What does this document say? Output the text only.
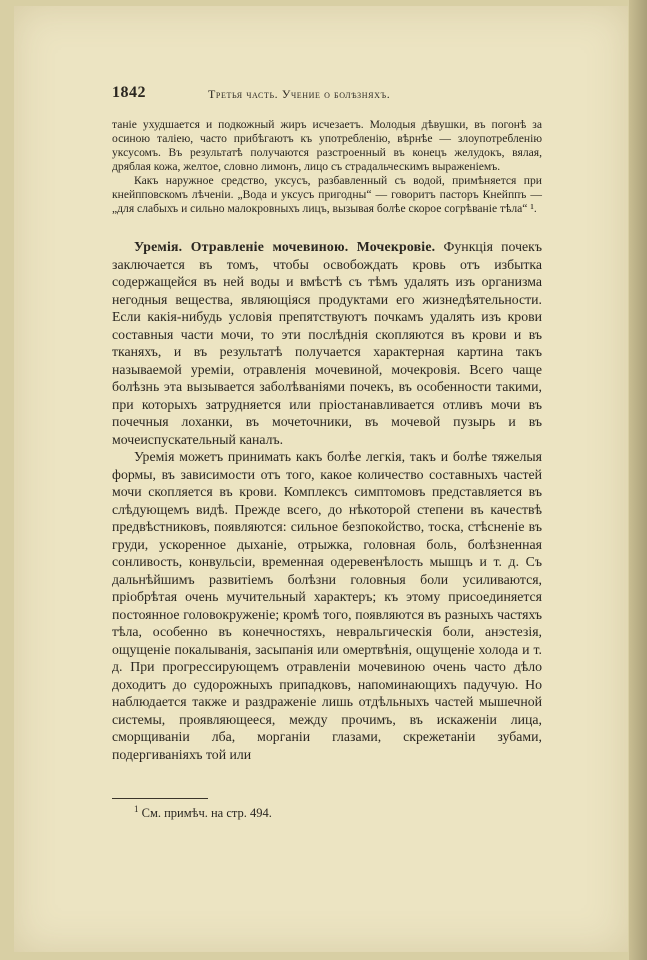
1842	Третья часть. Учение о болѣзняхъ.

таніе ухудшается и подкожный жиръ исчезаетъ. Молодыя дѣвушки, въ погонѣ за осиною таліею, часто прибѣгаютъ къ употребленію, вѣрнѣе — злоупотребленію уксусомъ. Въ результатѣ получаются разстроенный въ конецъ желудокъ, вялая, дряблая кожа, желтое, словно лимонъ, лицо съ страдальческимъ выраженіемъ.

Какъ наружное средство, уксусъ, разбавленный съ водой, примѣняется при кнейпповскомъ лѣченіи. „Вода и уксусъ пригодны“ — говоритъ пасторъ Кнейппъ — „для слабыхъ и сильно малокровныхъ лицъ, вызывая болѣе скорое согрѣваніе тѣла“ ¹.

Уремія. Отравленіе мочевиною. Мочекровіе. Функція почекъ заключается въ томъ, чтобы освобождать кровь отъ избытка содержащейся въ ней воды и вмѣстѣ съ тѣмъ удалять изъ организма негодныя вещества, являющіяся продуктами его жизнедѣятельности. Если какія-нибудь условія препятствуютъ почкамъ удалять изъ крови составныя части мочи, то эти послѣднія скопляются въ крови и въ тканяхъ, и въ результатѣ получается характерная картина такъ называемой уреміи, отравленія мочевиной, мочекровія. Всего чаще болѣзнь эта вызывается заболѣваніями почекъ, въ особенности такими, при которыхъ затрудняется или пріостанавливается отливъ мочи въ почечныя лоханки, въ мочеточники, въ мочевой пузырь и въ мочеиспускательный каналъ.

Уремія можетъ принимать какъ болѣе легкія, такъ и болѣе тяжелыя формы, въ зависимости отъ того, какое количество составныхъ частей мочи скопляется въ крови. Комплексъ симптомовъ представляется въ слѣдующемъ видѣ. Прежде всего, до нѣкоторой степени въ качествѣ предвѣстниковъ, появляются: сильное безпокойство, тоска, стѣсненіе въ груди, ускоренное дыханіе, отрыжка, головная боль, болѣзненная сонливость, конвульсіи, временная одеревенѣлость мышцъ и т. д. Съ дальнѣйшимъ развитіемъ болѣзни головныя боли усиливаются, пріобрѣтая очень мучительный характеръ; къ этому присоединяется постоянное головокруженіе; кромѣ того, появляются въ разныхъ частяхъ тѣла, особенно въ конечностяхъ, невральгическія боли, анэстезія, ощущеніе покалыванія, засыпанія или омертвѣнія, ощущеніе холода и т. д. При прогрессирующемъ отравленіи мочевиною очень часто дѣло доходитъ до судорожныхъ припадковъ, напоминающихъ падучую. Но наблюдается также и раздраженіе лишь отдѣльныхъ частей мышечной системы, проявляющееся, между прочимъ, въ искаженіи лица, сморщиваніи лба, морганіи глазами, скрежетаніи зубами, подергиваніяхъ той или

$^1$ См. примѣч. на стр. 494.
